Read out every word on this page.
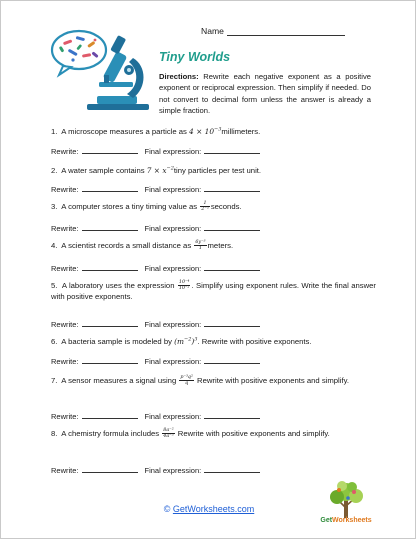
Name
Tiny Worlds
Directions: Rewrite each negative exponent as a positive exponent or reciprocal expression. Then simplify if needed. Do not convert to decimal form unless the answer is already a simple fraction.
1. A microscope measures a particle as $4 \times 10^{-3}millimeters$.
Rewrite:	Final expression:
2. A water sample contains $7 \times x^{-2}tiny$ particles per test unit.
Rewrite:	Final expression:
3. A computer stores a tiny timing value as $\frac{1}{\text{2⁻⁵}}$ seconds.
Rewrite:	Final expression:
4. A scientist records a small distance as $\frac{\text{6y⁻³}}{1}$ meters.
Rewrite:	Final expression:
5. A laboratory uses the expression $\frac{\text{10⁻⁴}}{\text{10⁻²}}$ . Simplify using exponent rules. Write the final answer with positive exponents.
Rewrite:	Final expression:
6. A bacteria sample is modeled by $(m^{-2})^3$. Rewrite with positive exponents.
Rewrite:	Final expression:
7. A sensor measures a signal using $\frac{\text{p⁻³q²}}{q}$ Rewrite with positive exponents and simplify.
Rewrite:	Final expression:
8. A chemistry formula includes $\frac{\text{8a⁻²}}{\text{4a⁻⁵}}$ Rewrite with positive exponents and simplify.
Rewrite:	Final expression:
© GetWorksheets.com
GetWorksheets
